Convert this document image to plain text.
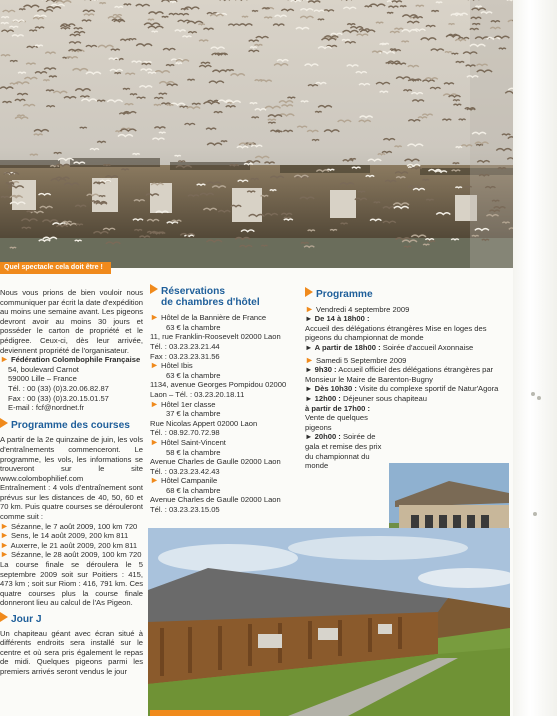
Quel spectacle cela doit être !

Nous vous prions de bien vouloir nous communiquer par écrit la date d'expédition au moins une semaine avant. Les pigeons devront avoir au moins 30 jours et posséder le carton de propriété et le pédigree. Ceux-ci, dès leur arrivée, deviennent propriété de l'organisateur.

► Fédération Colombophile Française

54, boulevard Carnot

59000 Lille – France

Tél. : 00 (33) (0)3.20.06.82.87

Fax : 00 (33) (0)3.20.15.01.57

E-mail : fcf@nordnet.fr

Programme des courses

A partir de la 2e quinzaine de juin, les vols d'entraînements commenceront. Le programme, les vols, les informations se trouveront sur le site www.colombophilief.com

Entraînement : 4 vols d'entraînement sont prévus sur les distances de 40, 50, 60 et 70 km. Puis quatre courses se dérouleront comme suit :

► Sézanne, le 7 août 2009, 100 km 720

► Sens, le 14 août 2009, 200 km 811

► Auxerre, le 21 août 2009, 200 km 811

► Sézanne, le 28 août 2009, 100 km 720

La course finale se déroulera le 5 septembre 2009 soit sur Poitiers : 415, 473 km ; soit sur Riom : 416, 791 km. Ces quatre courses plus la course finale donneront lieu au calcul de l'As Pigeon.

Jour J

Un chapiteau géant avec écran situé à différents endroits sera installé sur le centre et où sera pris également le repas de midi. Quelques pigeons parmi les premiers arrivés seront vendus le jour

Réservations

de chambres d'hôtel

► Hôtel de la Bannière de France

63 € la chambre

11, rue Franklin-Roosevelt 02000 Laon

Tél. : 03.23.23.21.44

Fax : 03.23.23.31.56

► Hôtel Ibis

63 € la chambre

1134, avenue Georges Pompidou 02000 Laon – Tél. : 03.23.20.18.11

► Hôtel 1er classe

37 € la chambre

Rue Nicolas Appert 02000 Laon

Tél. : 08.92.70.72.98

► Hôtel Saint-Vincent

58 € la chambre

Avenue Charles de Gaulle 02000 Laon

Tél. : 03.23.23.42.43

► Hôtel Campanile

68 € la chambre

Avenue Charles de Gaulle 02000 Laon

Tél. : 03.23.23.15.05

Programme

► Vendredi 4 septembre 2009

► De 14 à 18h00 :

Accueil des délégations étrangères Mise en loges des pigeons du championnat de monde

► A partir de 18h00 : Soirée d'accueil Axonnaise

► Samedi 5 Septembre 2009

► 9h30 : Accueil officiel des délégations étrangères par Monsieur le Maire de Barenton-Bugny

► Dès 10h30 : Visite du complexe sportif de Natur'Agora

► 12h00 : Déjeuner sous chapiteau

à partir de 17h00 : Vente de quelques pigeons

► 20h00 : Soirée de gala et remise des prix du championnat du monde
